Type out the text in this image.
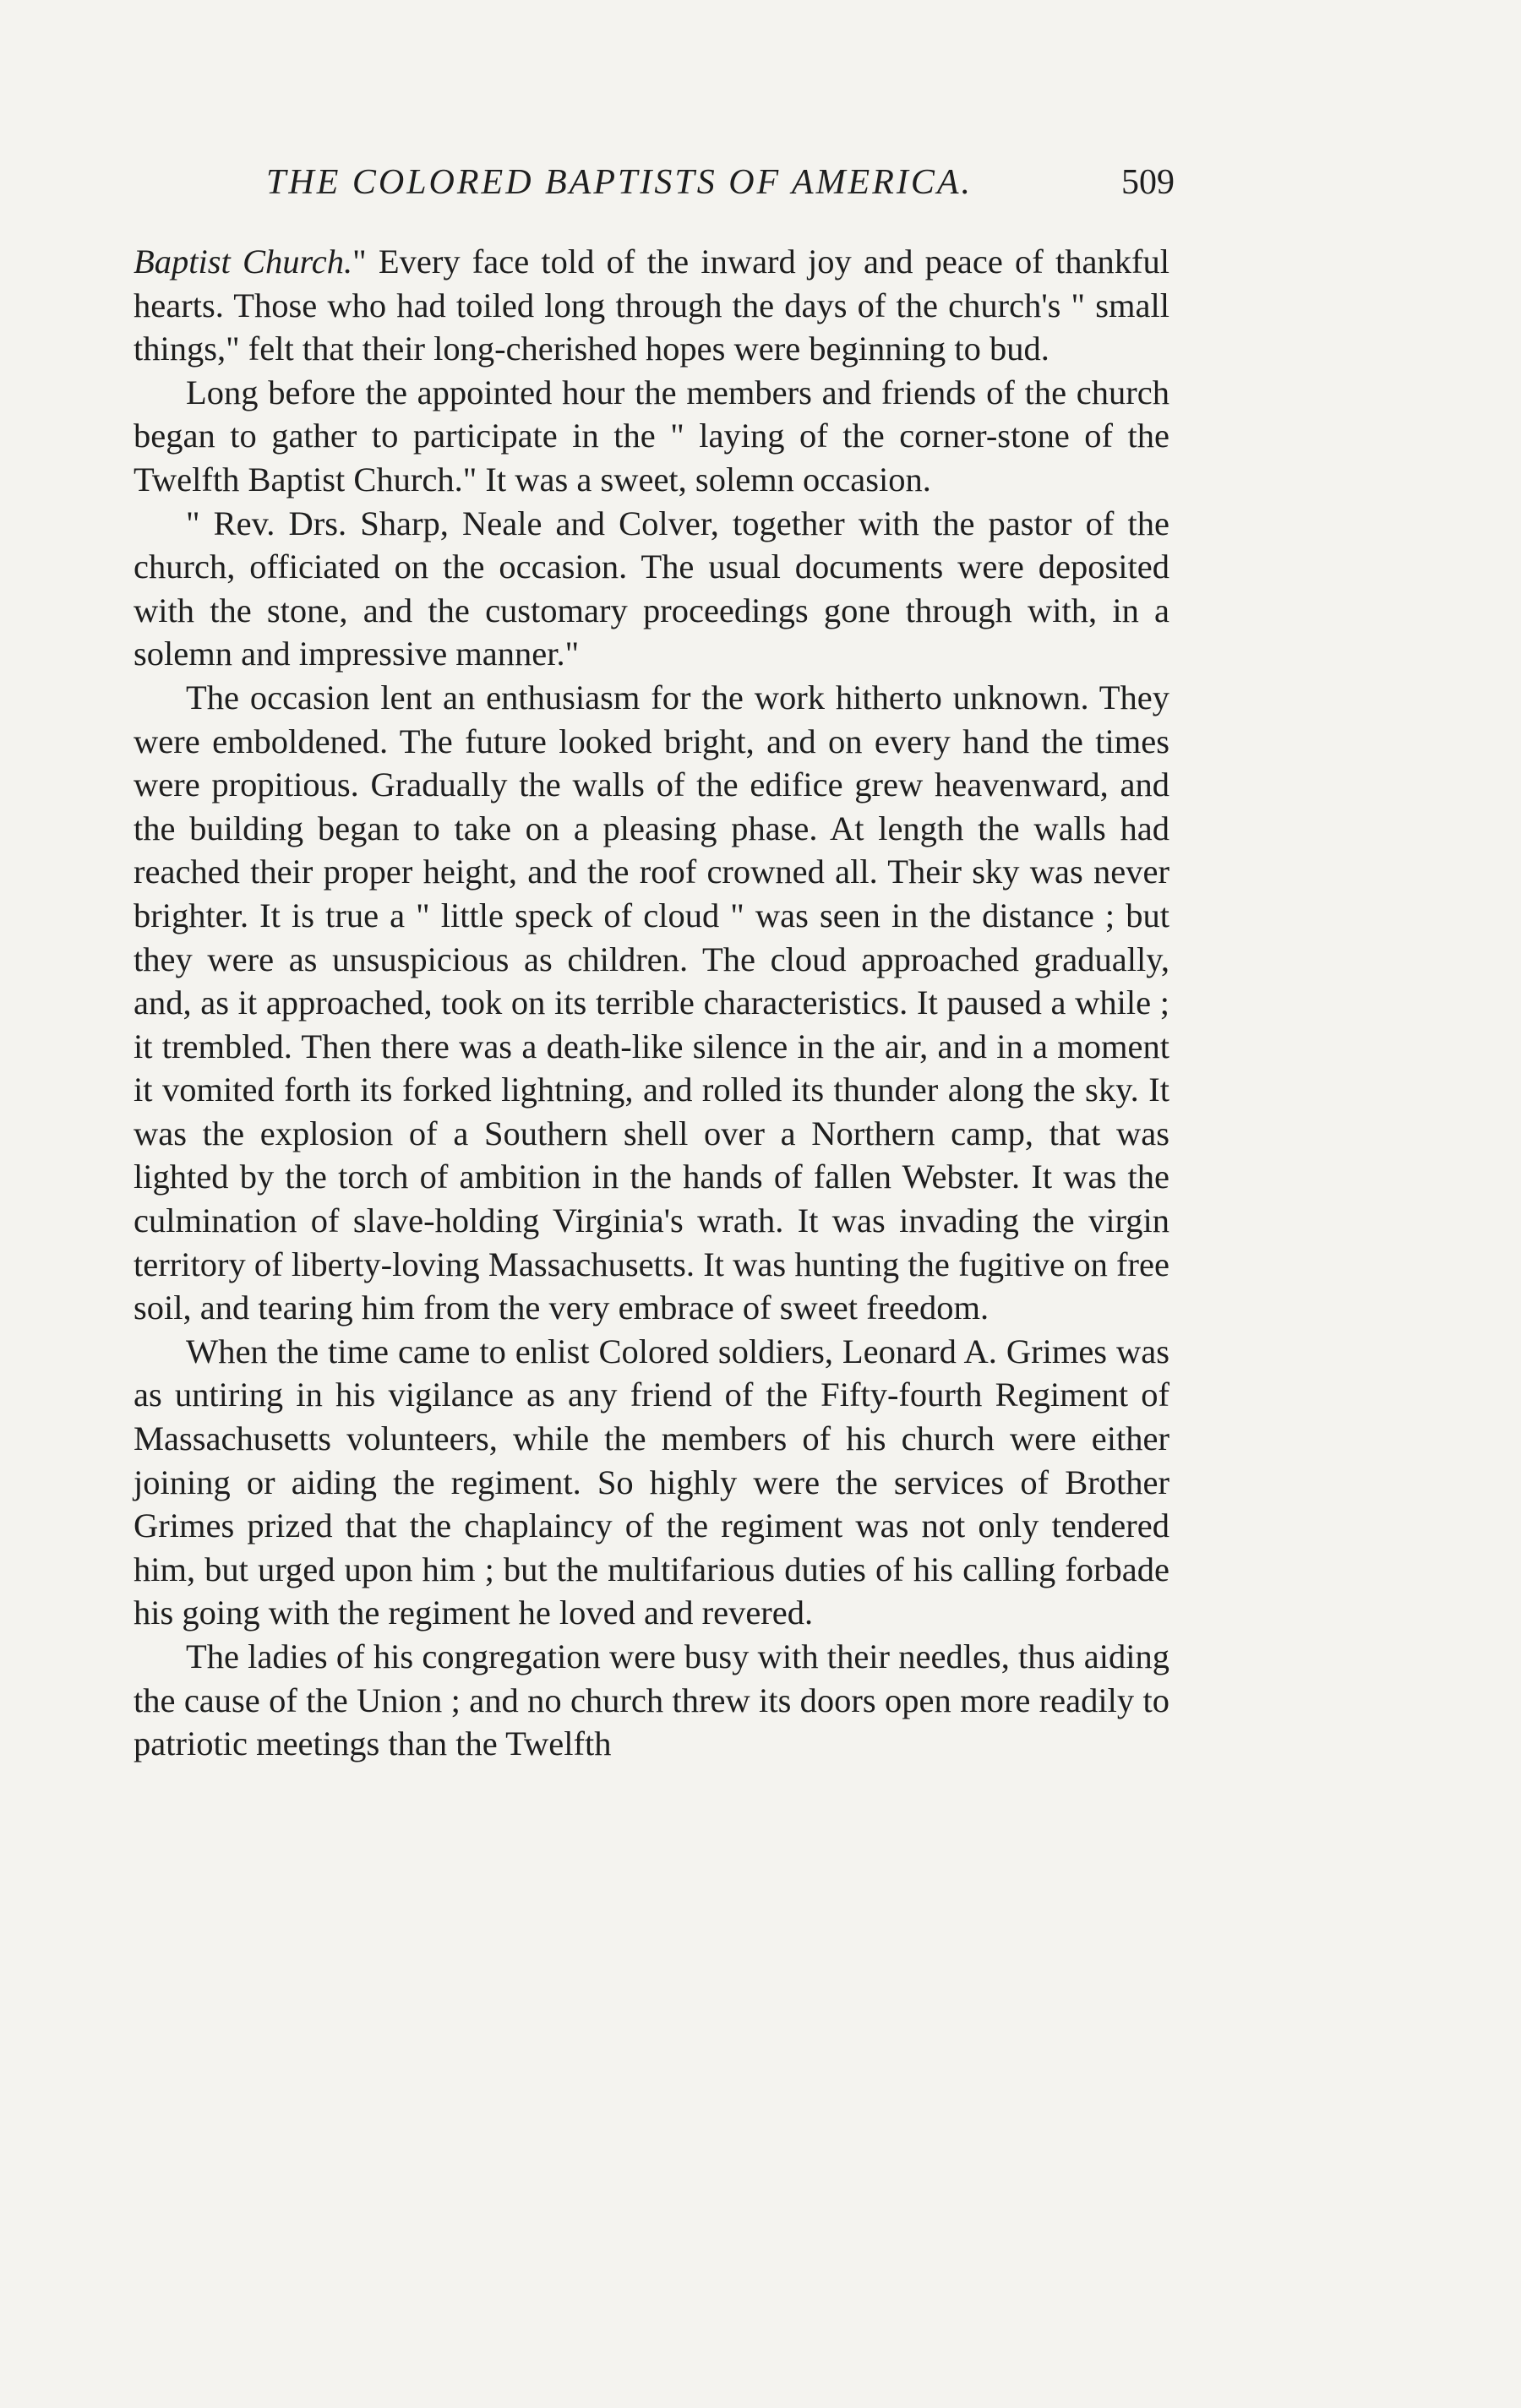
THE COLORED BAPTISTS OF AMERICA.	509

Baptist Church." Every face told of the inward joy and peace of thankful hearts. Those who had toiled long through the days of the church's " small things," felt that their long-cherished hopes were beginning to bud.

Long before the appointed hour the members and friends of the church began to gather to participate in the " laying of the corner-stone of the Twelfth Baptist Church." It was a sweet, solemn occasion.

" Rev. Drs. Sharp, Neale and Colver, together with the pastor of the church, officiated on the occasion. The usual documents were deposited with the stone, and the customary proceedings gone through with, in a solemn and impressive manner."

The occasion lent an enthusiasm for the work hitherto unknown. They were emboldened. The future looked bright, and on every hand the times were propitious. Gradually the walls of the edifice grew heavenward, and the building began to take on a pleasing phase. At length the walls had reached their proper height, and the roof crowned all. Their sky was never brighter. It is true a " little speck of cloud " was seen in the distance ; but they were as unsuspicious as children. The cloud approached gradually, and, as it approached, took on its terrible characteristics. It paused a while ; it trembled. Then there was a death-like silence in the air, and in a moment it vomited forth its forked lightning, and rolled its thunder along the sky. It was the explosion of a Southern shell over a Northern camp, that was lighted by the torch of ambition in the hands of fallen Webster. It was the culmination of slave-holding Virginia's wrath. It was invading the virgin territory of liberty-loving Massachusetts. It was hunting the fugitive on free soil, and tearing him from the very embrace of sweet freedom.

When the time came to enlist Colored soldiers, Leonard A. Grimes was as untiring in his vigilance as any friend of the Fifty-fourth Regiment of Massachusetts volunteers, while the members of his church were either joining or aiding the regiment. So highly were the services of Brother Grimes prized that the chaplaincy of the regiment was not only tendered him, but urged upon him ; but the multifarious duties of his calling forbade his going with the regiment he loved and revered.

The ladies of his congregation were busy with their needles, thus aiding the cause of the Union ; and no church threw its doors open more readily to patriotic meetings than the Twelfth
